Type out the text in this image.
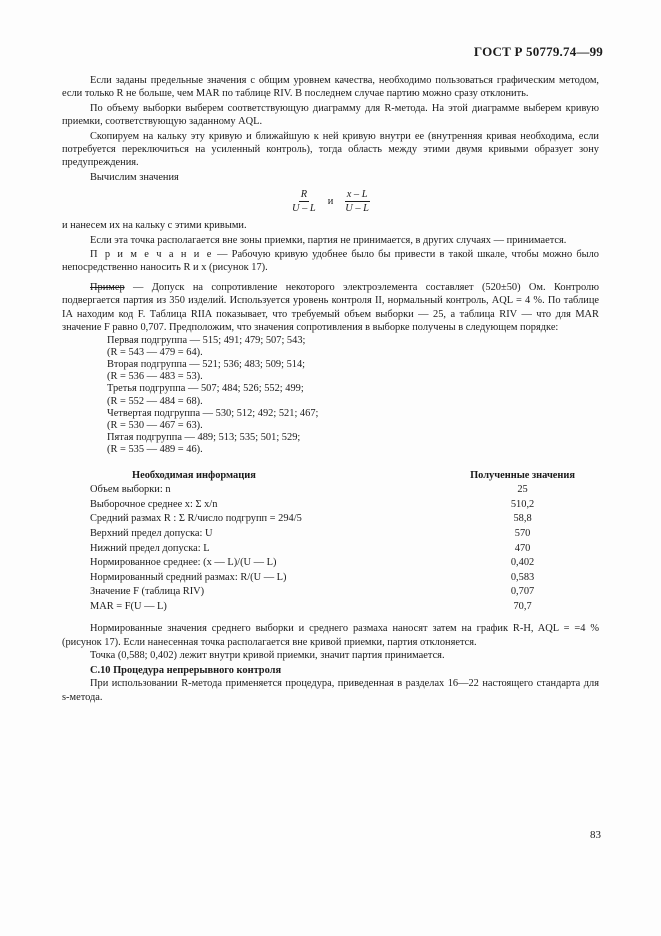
ГОСТ Р 50779.74—99

Если заданы предельные значения с общим уровнем качества, необходимо пользоваться графическим методом, если только R не больше, чем MAR по таблице RIV. В последнем случае партию можно сразу отклонить.

По объему выборки выберем соответствующую диаграмму для R-метода. На этой диаграмме выберем кривую приемки, соответствующую заданному AQL.

Скопируем на кальку эту кривую и ближайшую к ней кривую внутри ее (внутренняя кривая необходима, если потребуется переключиться на усиленный контроль), тогда область между этими двумя кривыми образует зону предупреждения.

Вычислим значения

$\frac{R}{U - L}$ и $\frac{x - L}{U - L}$

и нанесем их на кальку с этими кривыми.

Если эта точка располагается вне зоны приемки, партия не принимается, в других случаях — принимается.

П р и м е ч а н и е — Рабочую кривую удобнее было бы привести в такой шкале, чтобы можно было непосредственно наносить R и x (рисунок 17).

Пример — Допуск на сопротивление некоторого электроэлемента составляет (520±50) Ом. Контролю подвергается партия из 350 изделий. Используется уровень контроля II, нормальный контроль, AQL = 4 %. По таблице IA находим код F. Таблица RIIA показывает, что требуемый объем выборки — 25, а таблица RIV — что для MAR значение F равно 0,707. Предположим, что значения сопротивления в выборке получены в следующем порядке:

Первая подгруппа — 515; 491; 479; 507; 543;
(R = 543 — 479 = 64).
Вторая подгруппа — 521; 536; 483; 509; 514;
(R = 536 — 483 = 53).
Третья подгруппа — 507; 484; 526; 552; 499;
(R = 552 — 484 = 68).
Четвертая подгруппа — 530; 512; 492; 521; 467;
(R = 530 — 467 = 63).
Пятая подгруппа — 489; 513; 535; 501; 529;
(R = 535 — 489 = 46).
Необходимая информация	Полученные значения
Объем выборки: n	25
Выборочное среднее x: Σ x/n	510,2
Средний размах R : Σ R/число подгрупп = 294/5	58,8
Верхний предел допуска: U	570
Нижний предел допуска: L	470
Нормированное среднее: (x — L)/(U — L)	0,402
Нормированный средний размах: R/(U — L)	0,583
Значение F (таблица RIV)	0,707
MAR = F(U — L)	70,7

Нормированные значения среднего выборки и среднего размаха наносят затем на график R-H, AQL = =4 % (рисунок 17). Если нанесенная точка располагается вне кривой приемки, партия отклоняется.

Точка (0,588; 0,402) лежит внутри кривой приемки, значит партия принимается.

С.10 Процедура непрерывного контроля

При использовании R-метода применяется процедура, приведенная в разделах 16—22 настоящего стандарта для s-метода.

83
